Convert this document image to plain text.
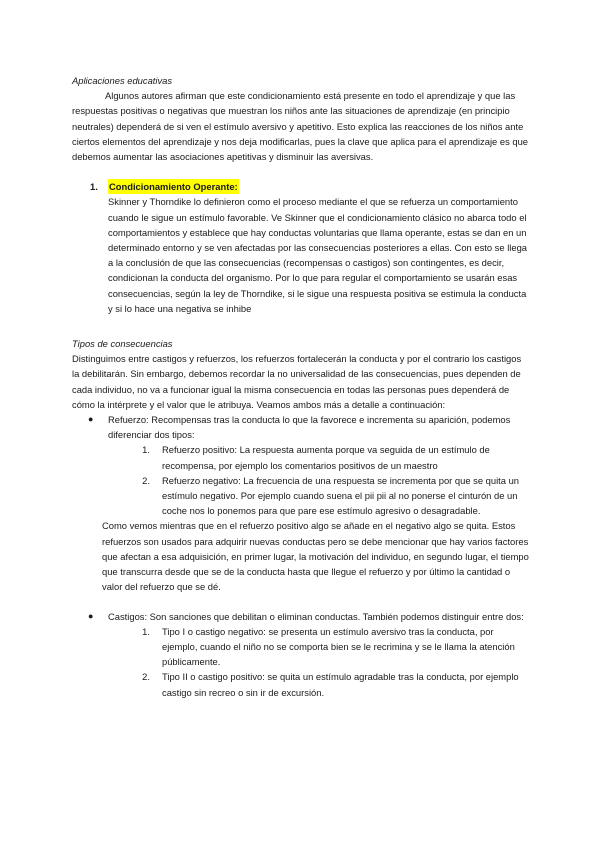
Aplicaciones educativas

Algunos autores afirman que este condicionamiento está presente en todo el aprendizaje y que las respuestas positivas o negativas que muestran los niños ante las situaciones de aprendizaje (en principio neutrales) dependerá de si ven el estímulo aversivo y apetitivo. Esto explica las reacciones de los niños ante ciertos elementos del aprendizaje y nos deja modificarlas, pues la clave que aplica para el aprendizaje es que debemos aumentar las asociaciones apetitivas y disminuir las aversivas.

1.	Condicionamiento Operante:

Skinner y Thorndike lo definieron como el proceso mediante el que se refuerza un comportamiento cuando le sigue un estímulo favorable. Ve Skinner que el condicionamiento clásico no abarca todo el comportamientos y establece que hay conductas voluntarias que llama operante, estas se dan en un determinado entorno y se ven afectadas por las consecuencias posteriores a ellas. Con esto se llega a la conclusión de que las consecuencias (recompensas o castigos) son contingentes, es decir, condicionan la conducta del organismo. Por lo que para regular el comportamiento se usarán esas consecuencias, según la ley de Thorndike, si le sigue una respuesta positiva se estimula la conducta y si lo hace una negativa se inhibe

Tipos de consecuencias

Distinguimos entre castigos y refuerzos, los refuerzos fortalecerán la conducta y por el contrario los castigos la debilitarán. Sin embargo, debemos recordar la no universalidad de las consecuencias, pues dependen de cada individuo, no va a funcionar igual la misma consecuencia en todas las personas pues dependerá de cómo la intérprete y el valor que le atribuya. Veamos ambos más a detalle a continuación:

● Refuerzo: Recompensas tras la conducta lo que la favorece e incrementa su aparición, podemos diferenciar dos tipos:
1.	Refuerzo positivo: La respuesta aumenta porque va seguida de un estímulo de recompensa, por ejemplo los comentarios positivos de un maestro
2.	Refuerzo negativo: La frecuencia de una respuesta se incrementa por que se quita un estímulo negativo. Por ejemplo cuando suena el pii pii al no ponerse el cinturón de un coche nos lo ponemos para que pare ese estímulo agresivo o desagradable.

Como vemos mientras que en el refuerzo positivo algo se añade en el negativo algo se quita. Estos refuerzos son usados para adquirir nuevas conductas pero se debe mencionar que hay varios factores que afectan a esa adquisición, en primer lugar, la motivación del individuo, en segundo lugar, el tiempo que transcurra desde que se de la conducta hasta que llegue el refuerzo y por último la cantidad o valor del refuerzo que se dé.

● Castigos: Son sanciones que debilitan o eliminan conductas. También podemos distinguir entre dos:
1.	Tipo I o castigo negativo: se presenta un estímulo aversivo tras la conducta, por ejemplo, cuando el niño no se comporta bien se le recrimina y se le llama la atención públicamente.
2.	Tipo II o castigo positivo: se quita un estímulo agradable tras la conducta, por ejemplo castigo sin recreo o sin ir de excursión.
